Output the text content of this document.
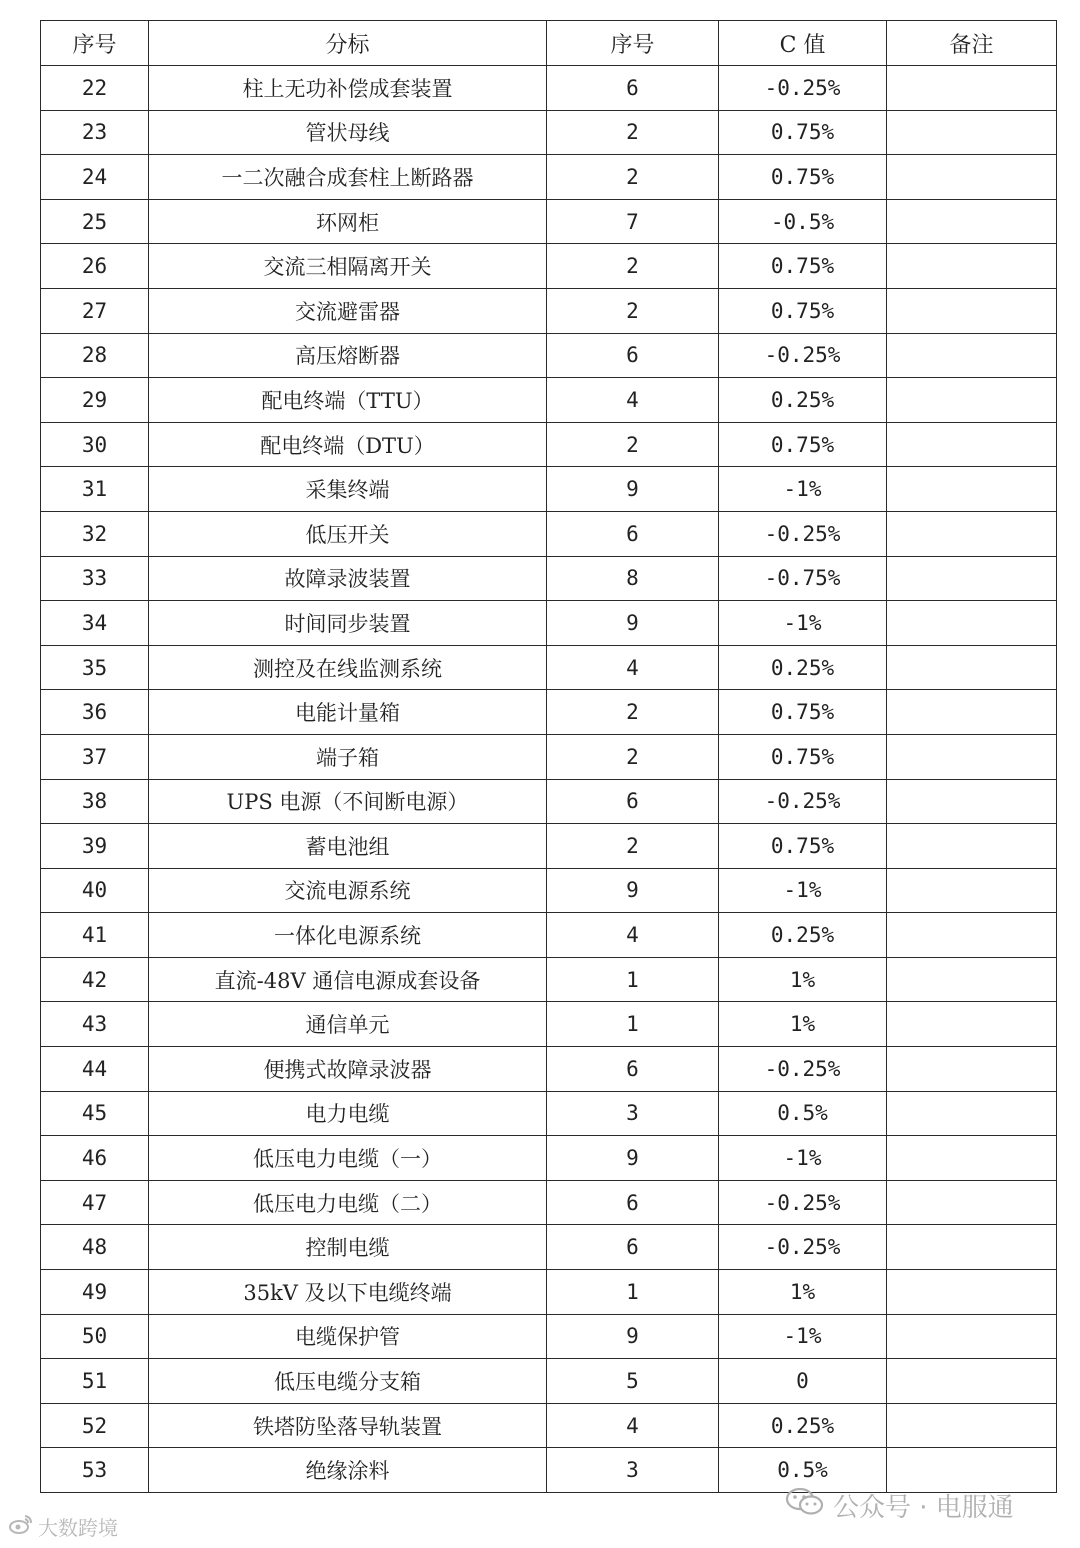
序号	分标	序号	C 值	备注
22	柱上无功补偿成套装置	6	-0.25%	
23	管状母线	2	0.75%	
24	一二次融合成套柱上断路器	2	0.75%	
25	环网柜	7	-0.5%	
26	交流三相隔离开关	2	0.75%	
27	交流避雷器	2	0.75%	
28	高压熔断器	6	-0.25%	
29	配电终端（TTU）	4	0.25%	
30	配电终端（DTU）	2	0.75%	
31	采集终端	9	-1%	
32	低压开关	6	-0.25%	
33	故障录波装置	8	-0.75%	
34	时间同步装置	9	-1%	
35	测控及在线监测系统	4	0.25%	
36	电能计量箱	2	0.75%	
37	端子箱	2	0.75%	
38	UPS 电源（不间断电源）	6	-0.25%	
39	蓄电池组	2	0.75%	
40	交流电源系统	9	-1%	
41	一体化电源系统	4	0.25%	
42	直流-48V 通信电源成套设备	1	1%	
43	通信单元	1	1%	
44	便携式故障录波器	6	-0.25%	
45	电力电缆	3	0.5%	
46	低压电力电缆（一）	9	-1%	
47	低压电力电缆（二）	6	-0.25%	
48	控制电缆	6	-0.25%	
49	35kV 及以下电缆终端	1	1%	
50	电缆保护管	9	-1%	
51	低压电缆分支箱	5	0	
52	铁塔防坠落导轨装置	4	0.25%	
53	绝缘涂料	3	0.5%	
大数跨境
公众号 · 电服通
